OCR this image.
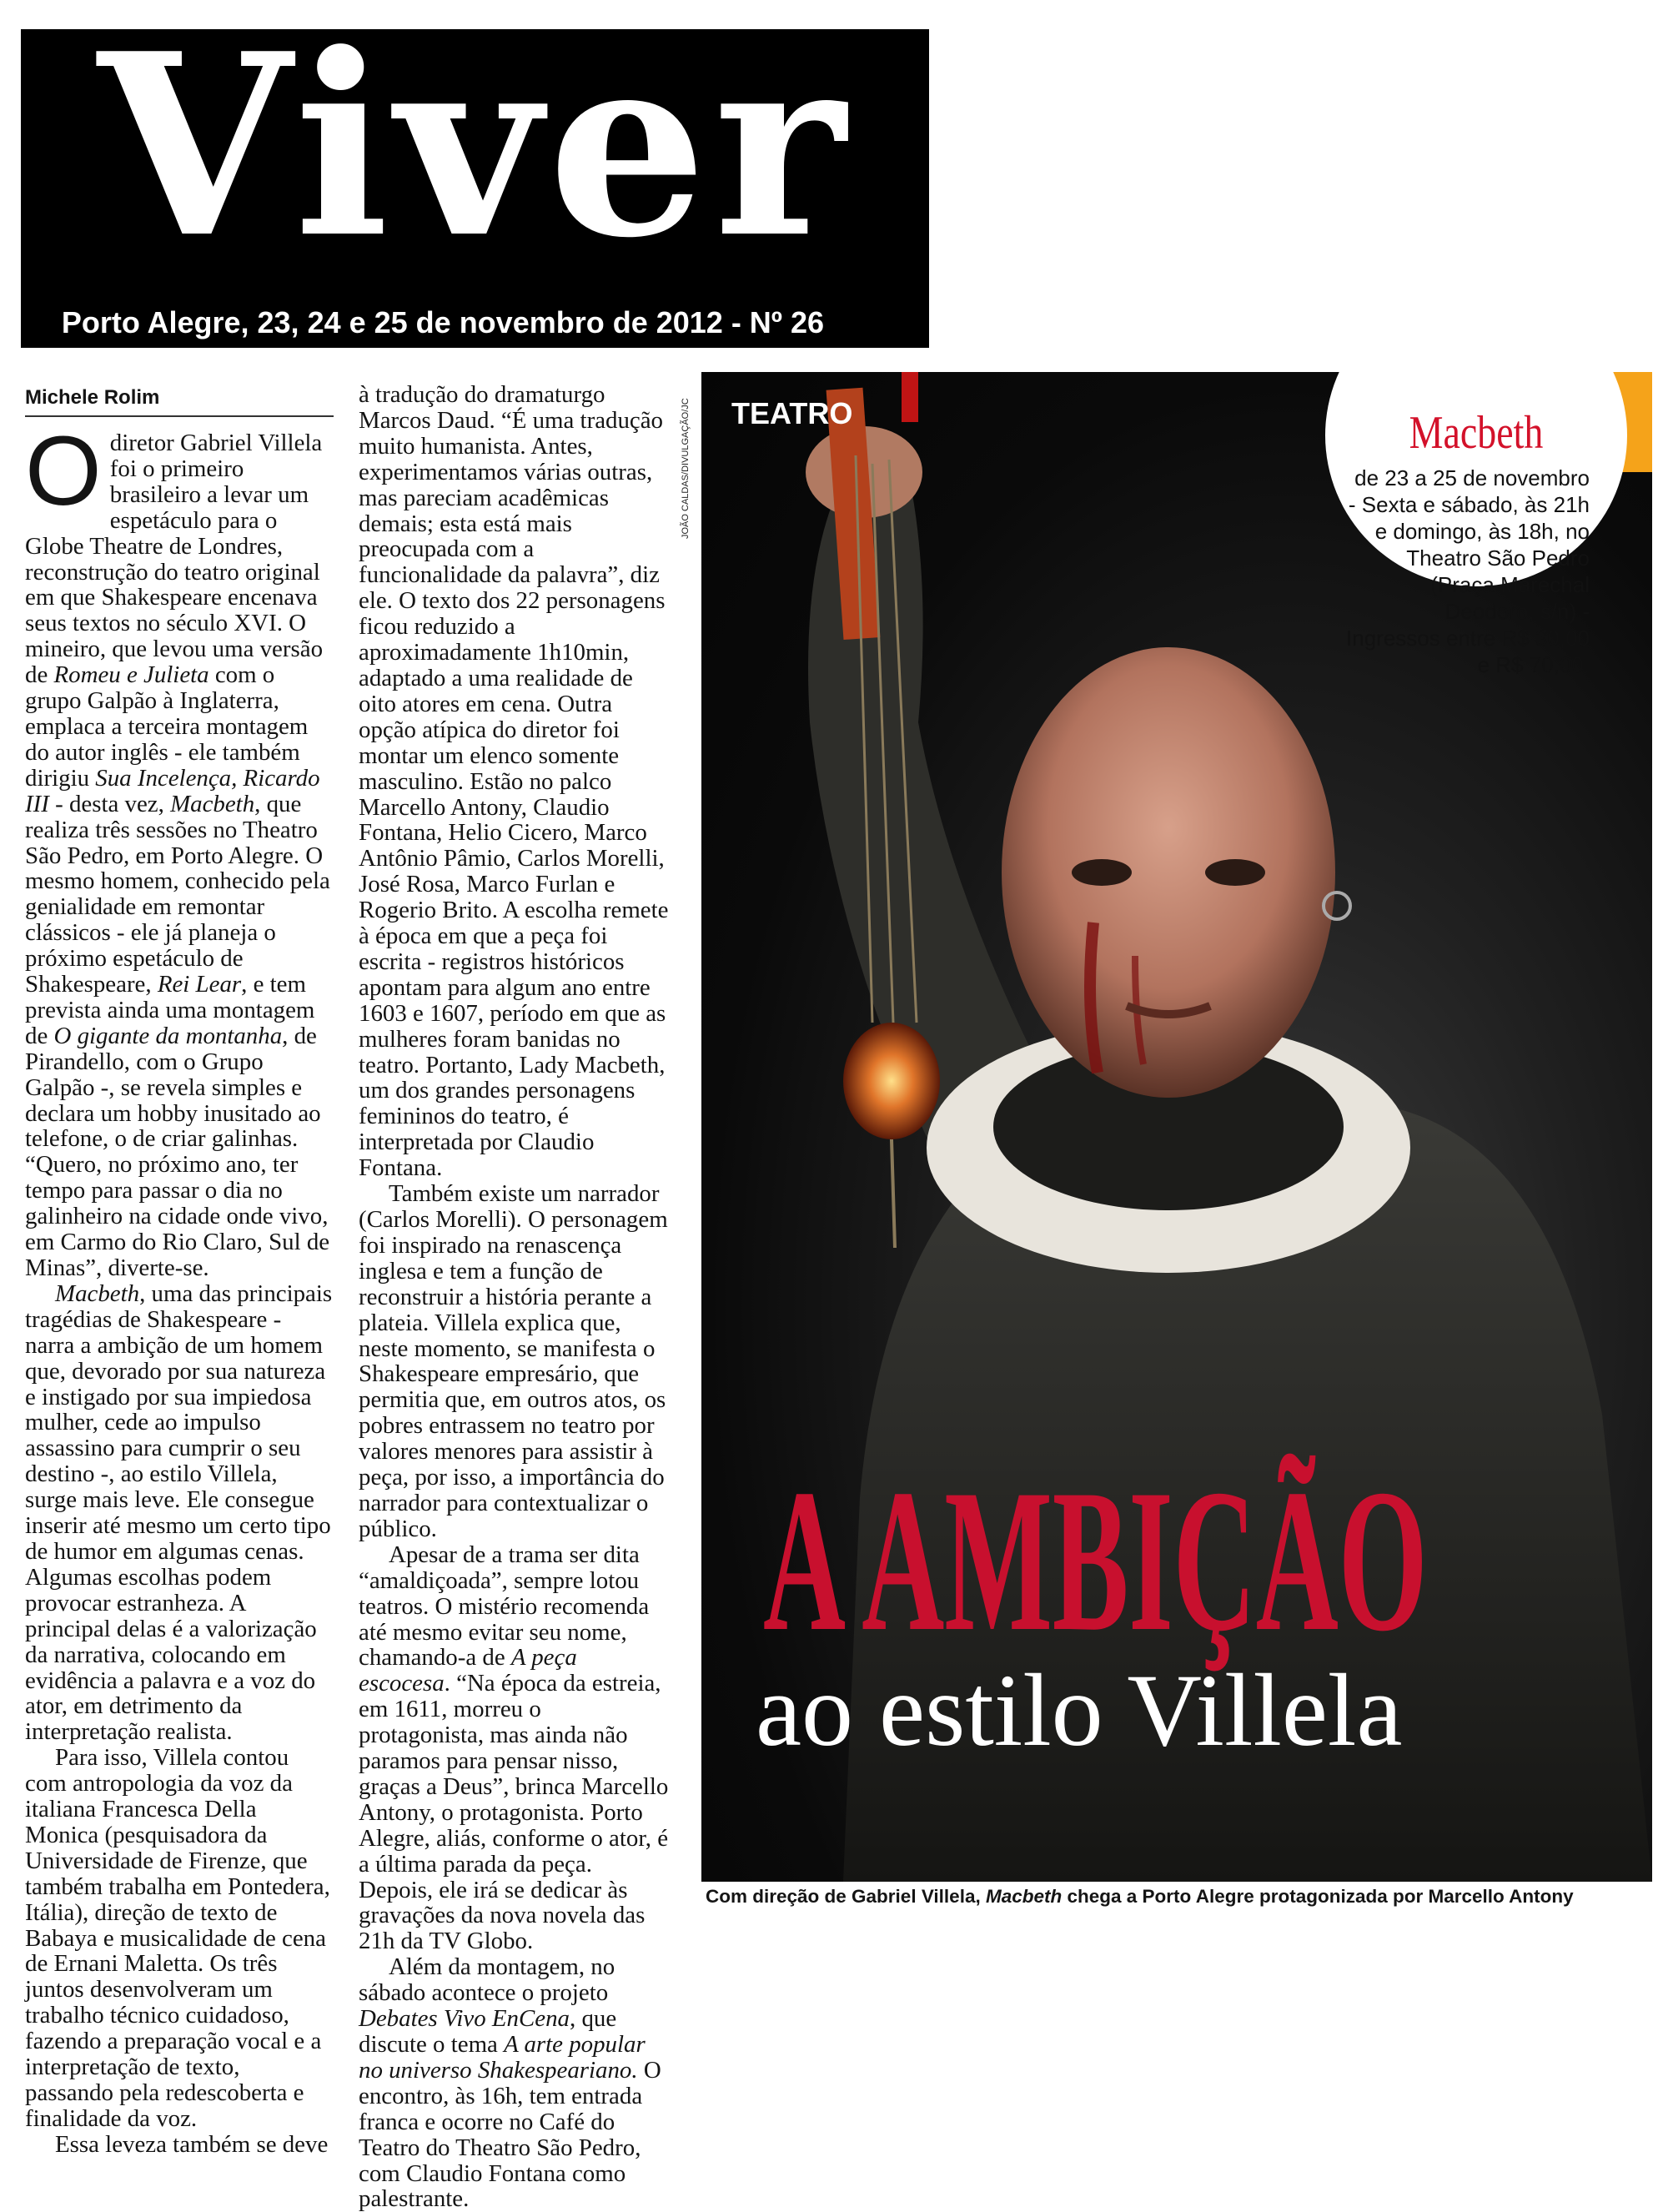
Viver
Porto Alegre, 23, 24 e 25 de novembro de 2012 - Nº 26
Michele Rolim

O diretor Gabriel Villela foi o primeiro brasileiro a levar um espetáculo para o Globe Theatre de Londres, reconstrução do teatro original em que Shakespeare encenava seus textos no século XVI. O mineiro, que levou uma versão de Romeu e Julieta com o grupo Galpão à Inglaterra, emplaca a terceira montagem do autor inglês - ele também dirigiu Sua Incelença, Ricardo III - desta vez, Macbeth, que realiza três sessões no Theatro São Pedro, em Porto Alegre. O mesmo homem, conhecido pela genialidade em remontar clássicos - ele já planeja o próximo espetáculo de Shakespeare, Rei Lear, e tem prevista ainda uma montagem de O gigante da montanha, de Pirandello, com o Grupo Galpão -, se revela simples e declara um hobby inusitado ao telefone, o de criar galinhas. “Quero, no próximo ano, ter tempo para passar o dia no galinheiro na cidade onde vivo, em Carmo do Rio Claro, Sul de Minas”, diverte-se.

Macbeth, uma das principais tragédias de Shakespeare - narra a ambição de um homem que, devorado por sua natureza e instigado por sua impiedosa mulher, cede ao impulso assassino para cumprir o seu destino -, ao estilo Villela, surge mais leve. Ele consegue inserir até mesmo um certo tipo de humor em algumas cenas. Algumas escolhas podem provocar estranheza. A principal delas é a valorização da narrativa, colocando em evidência a palavra e a voz do ator, em detrimento da interpretação realista.

Para isso, Villela contou com antropologia da voz da italiana Francesca Della Monica (pesquisadora da Universidade de Firenze, que também trabalha em Pontedera, Itália), direção de texto de Babaya e musicalidade de cena de Ernani Maletta. Os três juntos desenvolveram um trabalho técnico cuidadoso, fazendo a preparação vocal e a interpretação de texto, passando pela redescoberta e finalidade da voz.

Essa leveza também se deve

à tradução do dramaturgo Marcos Daud. “É uma tradução muito humanista. Antes, experimentamos várias outras, mas pareciam acadêmicas demais; esta está mais preocupada com a funcionalidade da palavra”, diz ele. O texto dos 22 personagens ficou reduzido a aproximadamente 1h10min, adaptado a uma realidade de oito atores em cena. Outra opção atípica do diretor foi montar um elenco somente masculino. Estão no palco Marcello Antony, Claudio Fontana, Helio Cicero, Marco Antônio Pâmio, Carlos Morelli, José Rosa, Marco Furlan e Rogerio Brito. A escolha remete à época em que a peça foi escrita - registros históricos apontam para algum ano entre 1603 e 1607, período em que as mulheres foram banidas no teatro. Portanto, Lady Macbeth, um dos grandes personagens femininos do teatro, é interpretada por Claudio Fontana.

Também existe um narrador (Carlos Morelli). O personagem foi inspirado na renascença inglesa e tem a função de reconstruir a história perante a plateia. Villela explica que, neste momento, se manifesta o Shakespeare empresário, que permitia que, em outros atos, os pobres entrassem no teatro por valores menores para assistir à peça, por isso, a importância do narrador para contextualizar o público.

Apesar de a trama ser dita “amaldiçoada”, sempre lotou teatros. O mistério recomenda até mesmo evitar seu nome, chamando-a de A peça escocesa. “Na época da estreia, em 1611, morreu o protagonista, mas ainda não paramos para pensar nisso, graças a Deus”, brinca Marcello Antony, o protagonista. Porto Alegre, aliás, conforme o ator, é a última parada da peça. Depois, ele irá se dedicar às gravações da nova novela das 21h da TV Globo.

Além da montagem, no sábado acontece o projeto Debates Vivo EnCena, que discute o tema A arte popular no universo Shakespeariano. O encontro, às 16h, tem entrada franca e ocorre no Café do Teatro do Theatro São Pedro, com Claudio Fontana como palestrante.

JOÃO CALDAS/DIVULGAÇÃO/JC TEATRO	Macbeth
de 23 a 25 de novembro - Sexta e sábado, às 21h e domingo, às 18h, no Theatro São Pedro (Praça Marechal Deodoro, s/n) - Ingressos entre R$ 30,00 e R$ 70,00.
A AMBIÇÃO
ao estilo Villela
Com direção de Gabriel Villela, Macbeth chega a Porto Alegre protagonizada por Marcello Antony
